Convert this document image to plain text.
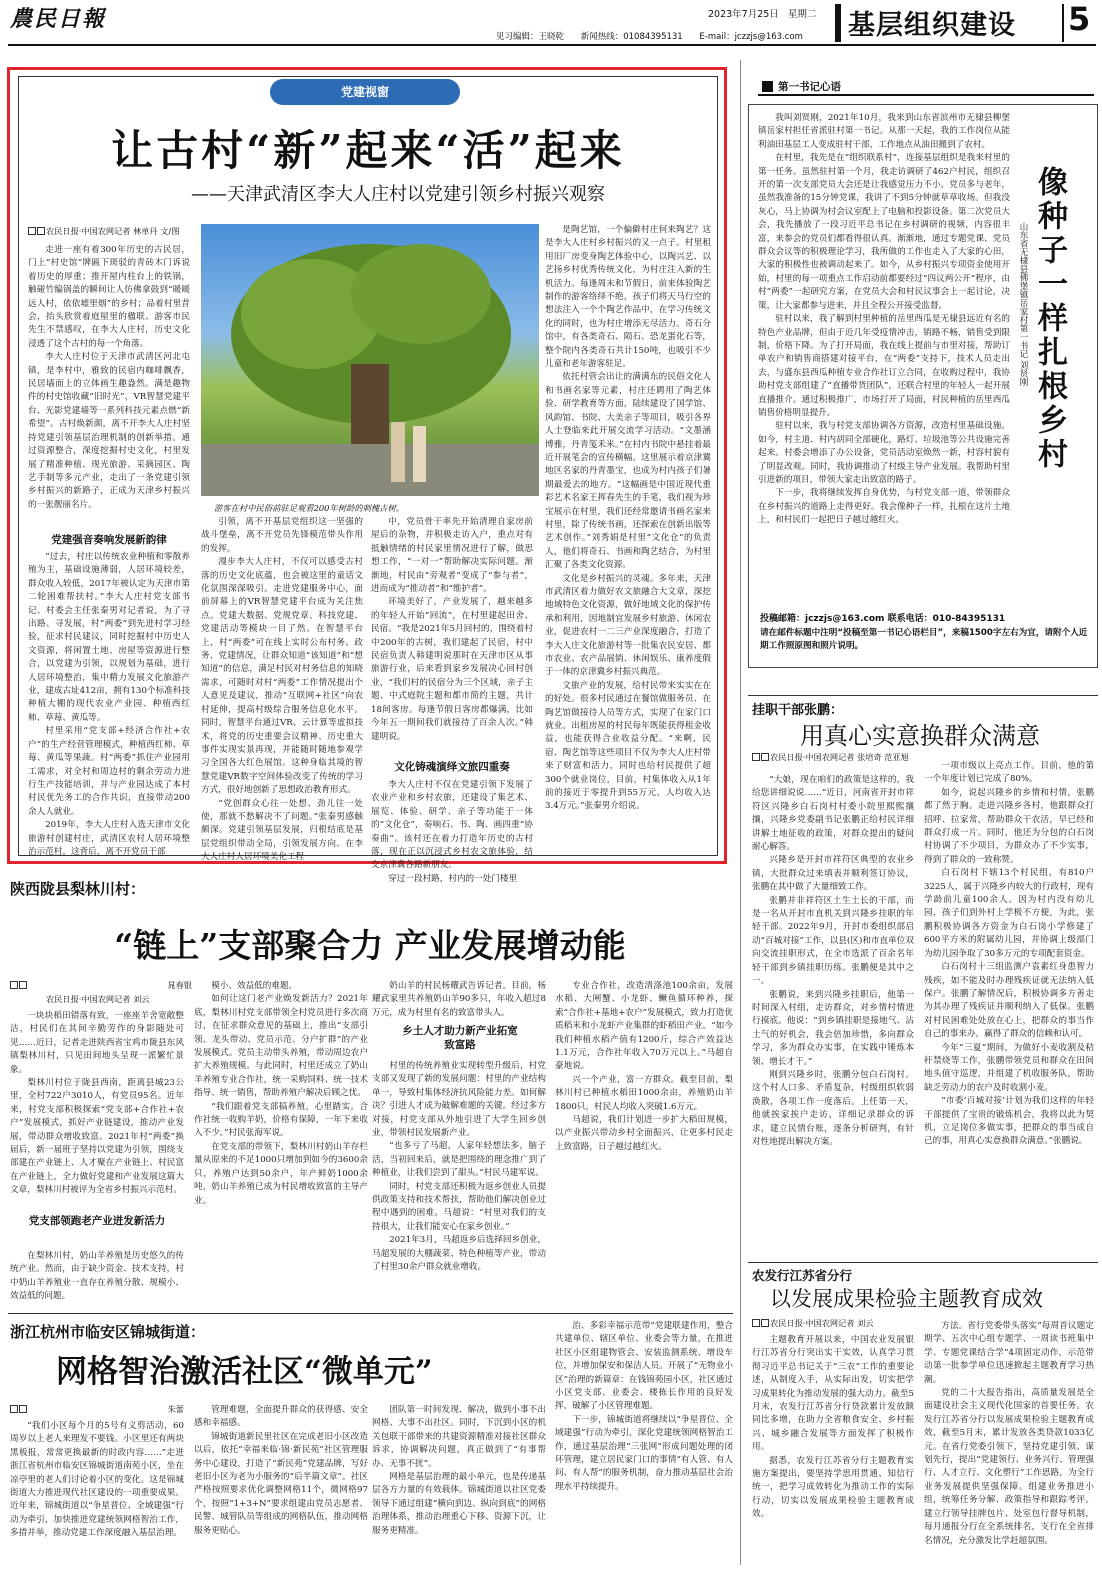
農民日報	2023年7月25日 星期二
见习编辑：王晓乾 新闻热线：01084395131 E-mail：jczzjs@163.com 基层组织建设 5
党建视窗
让古村“新”起来“活”起来
——天津武清区李大人庄村以党建引领乡村振兴观察
农民日报·中国农网记者 林单丹 文/图

走进一座有着300年历史的古民居，门上“村史馆”牌匾下斑驳的青砖木门诉说着历史的厚重；推开屋内柱台上的铁锅，触碰竹编锅盖的瞬间让人仿佛拿鼓到“暖暖远人村，依依墟里烟”的乡村；品着村里昔会，抬头欣赏着庭屋里的楹联、游客市民先生不禁感叹，在李大人庄村，历史文化浸透了这个古村的每一个角落。

李大人庄村位于天津市武清区河北屯镇，是李村中，雅致的民宿内咖啡飘香，民居墙面上的立体画生趣盎然。满是趣物件的村史馆收藏“旧时光”，VR智慧党建平台、光影党建墙等一系列科技元素点燃“新希望”。古村焕新颜，离不开李大人庄村坚持党建引领基层治理机制的创新举措。通过资源整合，深度挖掘村史文化，村里发展了精准种植、现光旅游、采摘园区、陶艺手制等多元产业，走出了一条党建引领乡村振兴的新路子，正成为天津乡村振兴的一张靓丽名片。

党建强音奏响发展新韵律

“过去，村庄以传统农业种植和零散养殖为主，基础设施薄弱，人居环境较差，群众收入较低，2017年被认定为天津市第二轮困难帮扶村。”李大人庄村党支部书记、村委会主任张秦男对记者说，为了寻出路、寻发展，村“两委”到先进村学习经验，征求村民建议，同时挖掘村中历史人文资源，将闲置土地、房屋等资源进行整合，以党建为引领，以规划为基础，进行人居环境整治，集中精力发展文化旅游产业，建成古址412亩，拥有130个标准科技种植大棚的现代农业产业园、种植西红柿、草莓、黄瓜等。

村里采用“党支部+经济合作社+农户”的生产经营管理模式，种植西红柿、草莓、黄瓜等果蔬。村“两委”抓住产业园用工需求，对全村和周边村的剩余劳动力进行生产技能培训，并与产业园达成了本村村民优先务工的合作共识，直接带动200余人人就业。

2019年，李大人庄村入选天津市文化旅游村创建村庄，武清区农村人居环境整治示范村。这背后，离不开党员干部

游客在村中民俗前驻足观看200年树龄的刺槐古树。

引领，离不开基层党组织这一坚强的战斗堡垒，离不开党员先锋模范带头作用的发挥。

漫步李大人庄村，不仅可以感受古村落的历史文化底蕴，也会被这里的童话文化氛围深深吸引。走进党建服务中心，面前屏幕上的VR智慧党建平台成为关注焦点。党建大数据、党规党章、科技党建、党建活动等模块一目了然。在智慧平台上，村“两委”可在线上实时公布村务、政务、党建情况，让群众知道“该知道”和“想知道”的信息，满足村民对村务信息的知晓需求，可随时对村“两委”工作情况提出个人意见及建议，推动“互联网+社区”向农村延伸，提高村级综合服务信息化水平。同时，智慧平台通过VR、云计算等虚拟技术，将党的历史重要会议精神、历史重大事件实现实景再现，并能随时随地参观学习全国各大红色展馆。这种身临其境的智慧党建VR数字空间体验改变了传统的学习方式，很好地创新了思想政治教育形式。

“党创群众心往一处想、劲儿往一处使，那就不愁解决不了问题。”张秦男感触颇深。党建引领基层发展，归根结底是基层党组织带动全局，引领发展方向。在李大人庄村人居环境美化工程

中，党员骨干率先开始清理自家房前屋后的杂物，并积极走访入户，重点对有抵触情绪的村民家里情况进行了解，做思想工作，“一对一”帮助解决实际问题。渐渐地，村民由“旁观者”变成了“参与者”，进而成为“推动者”和“维护者”。

环境美好了，产业发展了，越来越多的年轻人开始“回流”，在村里建起田舍、民宿。“我是2021年5月回村的，围绕着村中200年的古树，我们建起了民宿，村中民宿负责人韩建明说那时在天津市区从事旅游行业，后来看到家乡发展决心回村创业，“我们村的民宿分为三个区域，亲子主题、中式庭院主题和都市简约主题，共计18间客房。每逢节假日客房都爆满，比如今年五一期间我们就接待了百余人次。”韩建明说。

文化铸魂演绎文旅四重奏

李大人庄村不仅在党建引领下发展了农业产业和乡村农旅，还建设了集艺术、展览、体验、研学、亲子等功能于一体的“文化仓”，奏响石、书、陶、画四重“协奏曲”。该村还在着力打造年历史的古村落，现在正以沉浸式乡村农文旅体验，结交京津冀各路新朋友。

穿过一段村路，村内的一处门楼里

是陶艺馆，一个偏僻村庄何来陶艺？这是李大人庄村乡村振兴的又一点子。村里租用旧厂房变身陶艺体验中心，以陶兴艺、以艺扬乡村优秀传统文化，为村庄注入新的生机活力。每逢周末和节假日，前来体验陶艺制作的游客络绎不绝，孩子们将天马行空的想法注入一个个陶艺作品中，在学习传统文化的同时，也为村庄增添无尽活力。奇石分馆中，有各类奇石、陨石、恐龙蛋化石等，整个院内各类奇石共计150吨，也吸引不少儿童和老年游客驻足。

依托村管会出让的满满东的民俗文化人和书画名家等元素，村庄还聘用了陶艺体验、研学教育等方面，陆续建设了国学馆、风韵馆、书院、大美亲子等项目，吸引各界人士登临来此开展交流学习活动。“文墨涵博雅，丹青笺禾米。”在村内书院中悬挂着最近开展笔会的宣传横幅。这里展示着京津冀地区名家的丹青墨宝，也成为村内孩子们暑期最爱去的地方。“这幅画是中国近现代重彩艺术名家王挥春先生的手笔，我们视为珍宝展示在村里，我们还经常邀请书画名家来村里，除了传统书画，还探索在创新出版等艺术创作。”刘秀娟是村里“文化仓”的负责人，他们将奇石、书画和陶艺结合，为村里汇聚了各类文化资源。

文化是乡村振兴的灵魂。多年来，天津市武清区着力做好农文旅融合大文章，深挖地域特色文化资源，做好地域文化的保护传承和利用，因地制宜发展乡村旅游、休闲农业，促进农村一二三产业深度融合，打造了李大人庄文化旅游村等一批集农民安居、都市农业、农产品展销、休闲娱乐、康养度假于一体的京津冀乡村振兴典范。

文旅产业的发展，给村民带来实实在在的好处。很多村民通过在餐馆做服务员、在陶艺馆做接待人员等方式，实现了在家门口就业。出租房屋的村民每年既能获得租金收益，也能获得合业收益分配。“来啊，民宿、陶艺馆等这些项目不仅为李大人庄村带来了财富和活力，同时也给村民提供了超300个就业岗位，目前，村集体收入从1年前的接近于零提升到55万元，人均收入达3.4万元。”张秦男介绍说。

第一书记心语

我叫刘贤刚，2021年10月，我来到山东省滨州市无棣县柳堡镇岳家村担任省派驻村第一书记。从那一天起，我的工作岗位从能利油田基层工人变成驻村干部，工作地点从油田搬到了农村。

在村里，我先是在“组织联系村”，连接基层组织是我来村里的第一任务。虽然驻村第一个月，我走访调研了462户村民，组织召开的第一次支部党员大会还是让我感觉压力不小。党员多与老年，虽然我准备的15分钟党课，我讲了不到5分钟就草草收场。但我没灰心，马上协调为村会议室配上了电脑和投影设备。第二次党员大会，我先播放了一段习近平总书记在乡村调研的视频，内容很丰富，来参会的党员们都看得很认真。渐渐地，通过专题党课、党员群众会议等的积极理论学习，我所做的工作也走入了大家的心田，大家的积极性也被调动起来了。如今，从乡村振兴专项资金使用开始，村里的每一项重点工作启动前都要经过“四议两公开”程序，由村“两委”一起研究方案，在党员大会和村民议事会上一起讨论，决策，让大家都参与进来，并且全程公开接受监督。

驻村以来，我了解到村里种植的岳里西瓜是无棣县远近有名的特色产业品牌，但由于近几年受疫情冲击，销路不畅，销售受到限制，价格下降。为了打开局面，我在线上提前与市里对接，帮助订单农户和销售商搭建对接平台，在“两委”支持下，技术人员走出去，与盛东县西瓜种植专业合作社订立合同，在收购过程中，我协助村党支部组建了“直播带货团队”，还联合村里的年轻人一起开展直播推介。通过积极推广，市场打开了局面，村民种植的岳里西瓜销售价格明显提升。

驻村以来，我与村党支部协调各方资源，改造村里基础设施。如今，村主道、村内胡同全部硬化，路灯、垃圾池等公共设施完善起来。村委会增添了办公设备，党员活动室焕然一新，村容村貌有了明显改观。同时，我协调推动了村级主导产业发展。我帮助村里引进新的项目，带领大家走出致富的路子。

下一步，我将继续发挥自身优势，与村党支部一道，带领群众在乡村振兴的道路上走得更好。我会像种子一样，扎根在这片土地上，和村民们一起把日子越过越红火。

像种子一样扎根乡村
山东省无棣县佛堡镇岳家村第一书记 刘贤刚
投稿邮箱：jczzjs@163.com 联系电话：010-84395131
请在邮件标题中注明“投稿至第一书记心语栏目”，来稿1500字左右为宜，请附个人近期工作照原图和照片说明。
挂职干部张鹏：
用真心实意换群众满意
农民日报·中国农网记者 张培奇 范亚旭

“大娘，现在咱们的政策是这样的，我给您讲细说说……”近日，河南省开封市祥符区兴隆乡白石岗村村委小院里熙熙攘攘，兴隆乡党委副书记张鹏正给村民详细讲解土地征收的政策，对群众提出的疑问耐心解答。

兴隆乡是开封市祥符区典型的农业乡镇，大批群众过来填表并顺利签订协议，张鹏在其中做了大量细致工作。

张鹏并非祥符区土生土长的干部，而是一名从开封市直机关到兴隆乡挂职的年轻干部。2022年9月，开封市委组织部启动“百城对接”工作，以县(区)和市直单位双向交流挂职形式，在全市选派了百余名年轻干部到乡镇挂职历练。张鹏便是其中之一。

张鹏说，来到兴隆乡挂职后，他第一时间深入村组，走访群众，对乡情村情进行摸底。他说：“到乡镇挂职是接地气、沾土气的好机会，我会倍加珍惜，多向群众学习，多为群众办实事，在实践中锤炼本领、增长才干。”

刚到兴隆乡时，张鹏分包白石岗村。这个村人口多、矛盾复杂，村级组织软弱涣散，各项工作一度落后。上任第一天，他就挨家挨户走访，详细记录群众的诉求，建立民情台账，逐条分析研判，有针对性地提出解决方案。

一项市级以上亮点工作。目前，他的第一个年度计划已完成了80%。

如今，说起兴隆乡的乡情和村情，张鹏都了然于胸。走进兴隆乡各村，他跟群众打招呼、拉家常，帮助群众干农活，早已经和群众打成一片。同时，他还为分包的白石岗村协调了不少项目，为群众办了不少实事，得到了群众的一致称赞。

白石岗村下辖13个村民组，有810户3225人，属于兴隆乡内较大的行政村，现有学龄前儿童100余人。因为村内没有幼儿园，孩子们到外村上学极不方便，为此，张鹏积极协调各方资金为白石岗小学修建了600平方米的附属幼儿园，并协调上级部门为幼儿园争取了30多万元的专项配套资金。

白石岗村十三组监测户袁素红身患智力残疾，如不能及时办理残疾证就无法纳入低保户。张鹏了解情况后，积极协调多方善走为其办理了残疾证并顺利纳入了低保。张鹏对村民困难处处放在心上，把群众的事当作自己的事来办，赢得了群众的信赖和认可。

今年“三夏”期间，为做好小麦收割及秸秆禁烧等工作，张鹏带领党员和群众在田间地头值守巡逻，并组建了机收服务队，帮助缺乏劳动力的农户及时收割小麦。

“市委‘百城对接’计划为我们这样的年轻干部提供了宝贵的锻炼机会，我将以此为契机，立足岗位多做实事，把群众的事当成自己的事，用真心实意换群众满意。”张鹏说。

农发行江苏省分行
以发展成果检验主题教育成效
农民日报·中国农网记者 刘云

主题教育开展以来，中国农业发展银行江苏省分行突出实干实效，认真学习贯彻习近平总书记关于“三农”工作的重要论述，从制度入手，从实际出发，切实把学习成果转化为推动发展的强大动力。截至5月末，农发行江苏省分行贷款累计发放额同比多增，在助力全省粮食安全、乡村振兴、城乡融合发展等方面发挥了积极作用。

据悉，农发行江苏省分行主题教育实施方案提出，要坚持学思用贯通、知信行统一，把学习成效转化为推动工作的实际行动，切实以发展成果检验主题教育成效。

方法。省行党委带头落实“每周首议题定期学、五次中心组专题学、一周读书班集中学、专题党课结合学”4项固定动作，示范带动第一批参学单位迅速掀起主题教育学习热潮。

党的二十大报告指出，高质量发展是全面建设社会主义现代化国家的首要任务。农发行江苏省分行以发展成果检验主题教育成效，截至5月末，累计发放各类贷款1033亿元。在省行党委引领下，坚持党建引领、谋划先行，提出“党建领行、业务兴行、管理强行、人才立行、文化塑行”工作思路，为全行业务发展提供坚强保障。组建业务推进小组，统筹任务分解、政策指导和跟踪考评。建立行领导挂牌包片、处室包行督导机制，每月通报分行在全系统排名，支行在全省排名情况，充分激发比学赶超氛围。

陕西陇县梨林川村：
“链上”支部聚合力 产业发展增动能
晁春银
农民日报·中国农网记者 刘云

一块块稻田错落有致，一座座羊舍宽敞整洁，村民们在其间辛勤劳作的身影随处可见……近日，记者走进陕西省宝鸡市陇县东风镇梨林川村，只见田间地头呈现一派繁忙景象。

梨林川村位于陇县西南，距离县城23公里，全村722户3010人，有党员95名。近年来，村党支部积极探索“党支部+合作社+农户”发展模式，抓好产业链建设，推动产业发展，带动群众增收致富。2021年村“两委”换届后，新一届班子坚持以党建为引领，围绕支部建在产业链上、人才聚在产业链上、村民富在产业链上，全力做好党建和产业发展这篇大文章，梨林川村被评为全省乡村振兴示范村。

党支部领跑老产业迸发新活力

在梨林川村，奶山羊养殖是历史悠久的传统产业。然而，由于缺少资金、技术支持，村中奶山羊养殖业一直存在养殖分散、规模小、效益低的问题。

模小、效益低的难题。

如何让这门老产业焕发新活力？2021年底，梨林川村党支部带领全村党员进行多次商讨，在征求群众意见的基础上，推出“支部引领、龙头带动、党员示范、分户扩群”的产业发展模式。党员主动带头养殖，带动周边农户扩大养殖规模。与此同时，村里还成立了奶山羊养殖专业合作社，统一采购饲料、统一技术指导、统一销售，帮助养殖户解决后顾之忧。

“我们跟着党支部搞养殖，心里踏实。合作社统一收购羊奶，价格有保障，一年下来收入不少。”村民张海军说。

在党支部的带领下，梨林川村奶山羊存栏量从原来的不足1000只增加到如今的3600余只，养殖户达到50余户，年产鲜奶1000余吨，奶山羊养殖已成为村民增收致富的主导产业。

奶山羊的村民杨耀武告诉记者。目前，杨耀武家里共养殖奶山羊90多只，年收入超过8万元，成为村里有名的致富带头人。

乡土人才助力新产业拓宽致富路

村里的传统养殖业实现转型升级后，村党支部又发现了新的发展问题：村里的产业结构单一，导致村集体经济抗风险能力差。如何解决？引进人才成为破解难题的关键。经过多方对接，村党支部从外地引进了大学生回乡创业，带领村民发展新产业。

“也多亏了马超，人家年轻想法多，脑子活，当初回来后，就是把围绕的理念推广到了种植业，让我们尝到了甜头。”村民马建军说。

同时，村党支部还积极为返乡创业人员提供政策支持和技术帮扶，帮助他们解决创业过程中遇到的困难。马超说：“村里对我们的支持很大，让我们能安心在家乡创业。”

2021年3月，马超返乡后选择回乡创业，马超发展的大棚蔬菜、特色种植等产业，带动了村里30余户群众就业增收。

专业合作社，改造清涤池100余亩，发展水稻、大闸蟹、小龙虾、鳜鱼循环种养，探索“合作社+基地+农户”发展模式，致力打造优质稻米和小龙虾产业集群的虾稻田产业。“如今我们种植水稻产值有1200斤，综合产效益达1.1万元，合作社年收入70万元以上。”马超自豪地说。

兴一个产业，富一方群众。截至目前，梨林川村已种植水稻田1000余亩，养殖奶山羊1800只，村民人均收入突破1.6万元。

马超说，我们计划进一步扩大稻田规模，以产业振兴带动乡村全面振兴，让更多村民走上致富路，日子越过越红火。

浙江杭州市临安区锦城街道：
网格智治激活社区“微单元”
朱蕾

“我们小区每个月的5号有义剪活动，60周岁以上老人来理发不要钱。小区里还有两块黑板报，常常更换最新的时政内容……”走进浙江省杭州市临安区锦城街道南苑小区，坐在凉亭里的老人们讨论着小区的变化。这是锦城街道大力推进现代社区建设的一项重要成果。近年来，锦城街道以“争星晋位、全域建强”行动为牵引，加快推进党建统领网格智治工作，多措并举，推动党建工作深度融入基层治理。

管理难题，全面提升群众的获得感、安全感和幸福感。

锦城街道新民里社区在完成老旧小区改造以后，依托“幸福来临·锦·新民苑”社区管理服务中心建设，打造了“新民苑”党建品牌，写好老旧小区为老为小服务的“后半篇文章”。社区严格按照要求优化调整网格11个，微网格97个，按照“1+3+N”要求组建由党员志愿者、民警、城管队员等组成的网格队伍，推动网格服务更贴心。

团队第一时间发现、解决，做到小事不出网格、大事不出社区。同时，下沉到小区的机关包联干部带来的共建资源精准对接社区群众诉求，协调解决问题，真正做到了“有事帮办、无事不扰”。

网格是基层治理的最小单元，也是传递基层各方力量的有效载体。锦城街道以社区党委领导下通过组建“横向到边、纵向到底”的网格治理体系，推动治理重心下移、资源下沉，让服务更精准。

治、多彩幸福示范带”党建联建作用，整合共建单位、辖区单位、业委会等力量，在推进社区小区组建物管会、安装监测系统、增设车位，并增加保安和保洁人员。开展了“无物业小区”治理的新篇章：在钱锦苑园小区，社区通过小区党支部、业委会、楼栋长作用的良好发挥，破解了小区管理难题。

下一步，锦城街道将继续以“争星晋位、全域建强”行动为牵引，深化党建统领网格智治工作，通过基层治理“三张网”形成问题处理的闭环管理，建立居民家门口的事情“有人管、有人问、有人帮”的服务机制，奋力推动基层社会治理水平持续提升。
